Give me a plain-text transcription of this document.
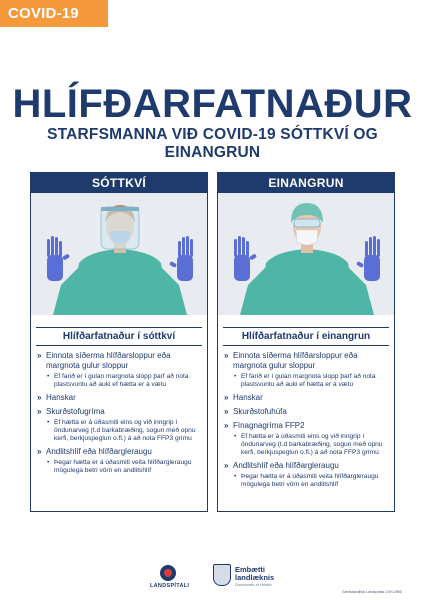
COVID-19
HLÍFÐARFATNAÐUR
STARFSMANNA VIÐ COVID-19 SÓTTKVÍ OG EINANGRUN
SÓTTKVÍ
Hlífðarfatnaður í sóttkví
» Einnota síðerma hlífðarsloppur eða margnota gulur sloppur
• Ef farið er í gulan margnota slopp þarf að nota plastsvuntu að auki ef hætta er á vætu
» Hanskar
» Skurðstofugríma
• Ef hætta er á úðasmiti eins og við inngrip í öndunarveg (t.d barkabræðing, sogun með opnu kerfi, berkjuspeglun o.fl.) á að nota FFP3 grímu
» Andlitshlíf eða hlífðargleraugu
• Þegar hætta er á úðasmiti veita hlífðargleraugu mögulega betri vörn en andlitshlíf
EINANGRUN
Hlífðarfatnaður í einangrun
» Einnota síðerma hlífðarsloppur eða margnota gulur sloppur
• Ef farið er í gulan margnota slopp þarf að nota plastsvuntu að auki ef hætta er á vætu
» Hanskar
» Skurðstofuhúfa
» Fínagnagríma FFP2
• Ef hætta er á úðasmiti eins og við inngrip í öndunarveg (t.d barkabræðing, sogun með opnu kerfi, berkjuspeglun o.fl.) á að nota FFP3 grímu
» Andlitshlíf eða hlífðargleraugu
• Þegar hætta er á úðasmiti veita hlífðargleraugu mögulega betri vörn en andlitshlíf
LANDSPÍTALI
Embætti
landlæknis
Directorate of Health
Gæðahandbók Landspítala CSH-2966
